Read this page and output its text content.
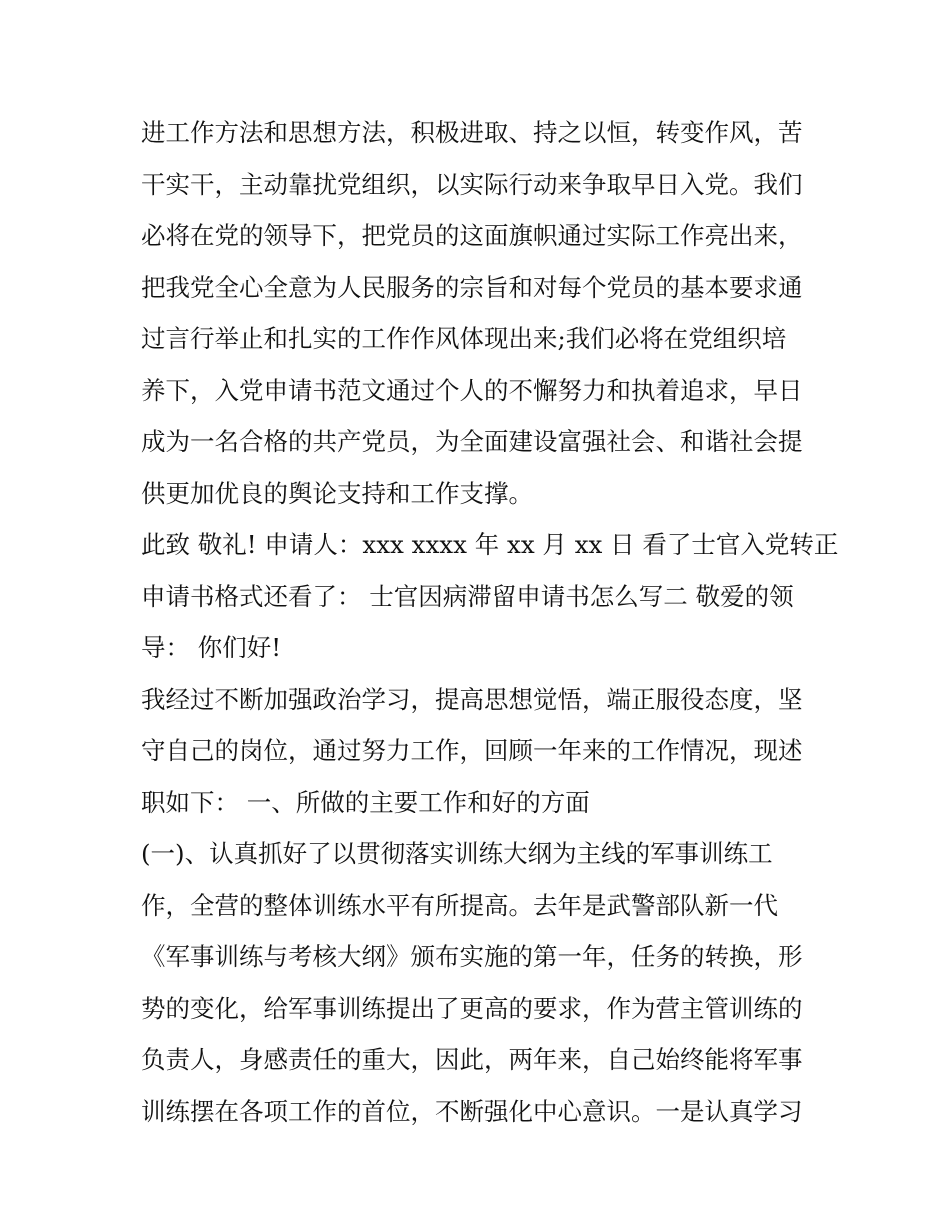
进工作方法和思想方法，积极进取、持之以恒，转变作风，苦
干实干，主动靠扰党组织，以实际行动来争取早日入党。我们
必将在党的领导下，把党员的这面旗帜通过实际工作亮出来，
把我党全心全意为人民服务的宗旨和对每个党员的基本要求通
过言行举止和扎实的工作作风体现出来;我们必将在党组织培
养下，入党申请书范文通过个人的不懈努力和执着追求，早日
成为一名合格的共产党员，为全面建设富强社会、和谐社会提
供更加优良的舆论支持和工作支撑。
此致 敬礼! 申请人：xxx xxxx 年 xx 月 xx 日 看了士官入党转正
申请书格式还看了： 士官因病滞留申请书怎么写二 敬爱的领
导： 你们好!
我经过不断加强政治学习，提高思想觉悟，端正服役态度，坚
守自己的岗位，通过努力工作，回顾一年来的工作情况，现述
职如下： 一、所做的主要工作和好的方面
(一)、认真抓好了以贯彻落实训练大纲为主线的军事训练工
作，全营的整体训练水平有所提高。去年是武警部队新一代
《军事训练与考核大纲》颁布实施的第一年，任务的转换，形
势的变化，给军事训练提出了更高的要求，作为营主管训练的
负责人，身感责任的重大，因此，两年来，自己始终能将军事
训练摆在各项工作的首位，不断强化中心意识。一是认真学习
